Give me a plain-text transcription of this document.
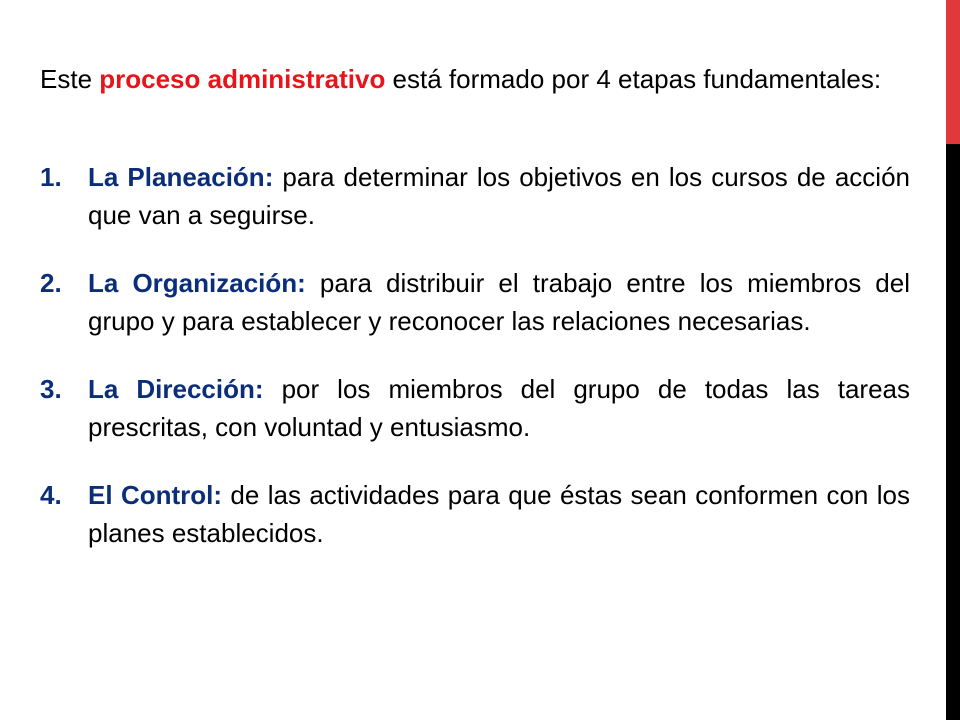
Este proceso administrativo está formado por 4 etapas fundamentales:

1. La Planeación: para determinar los objetivos en los cursos de acción que van a seguirse.
2. La Organización: para distribuir el trabajo entre los miembros del grupo y para establecer y reconocer las relaciones necesarias.
3. La Dirección: por los miembros del grupo de todas las tareas prescritas, con voluntad y entusiasmo.
4. El Control: de las actividades para que éstas sean conformen con los planes establecidos.
